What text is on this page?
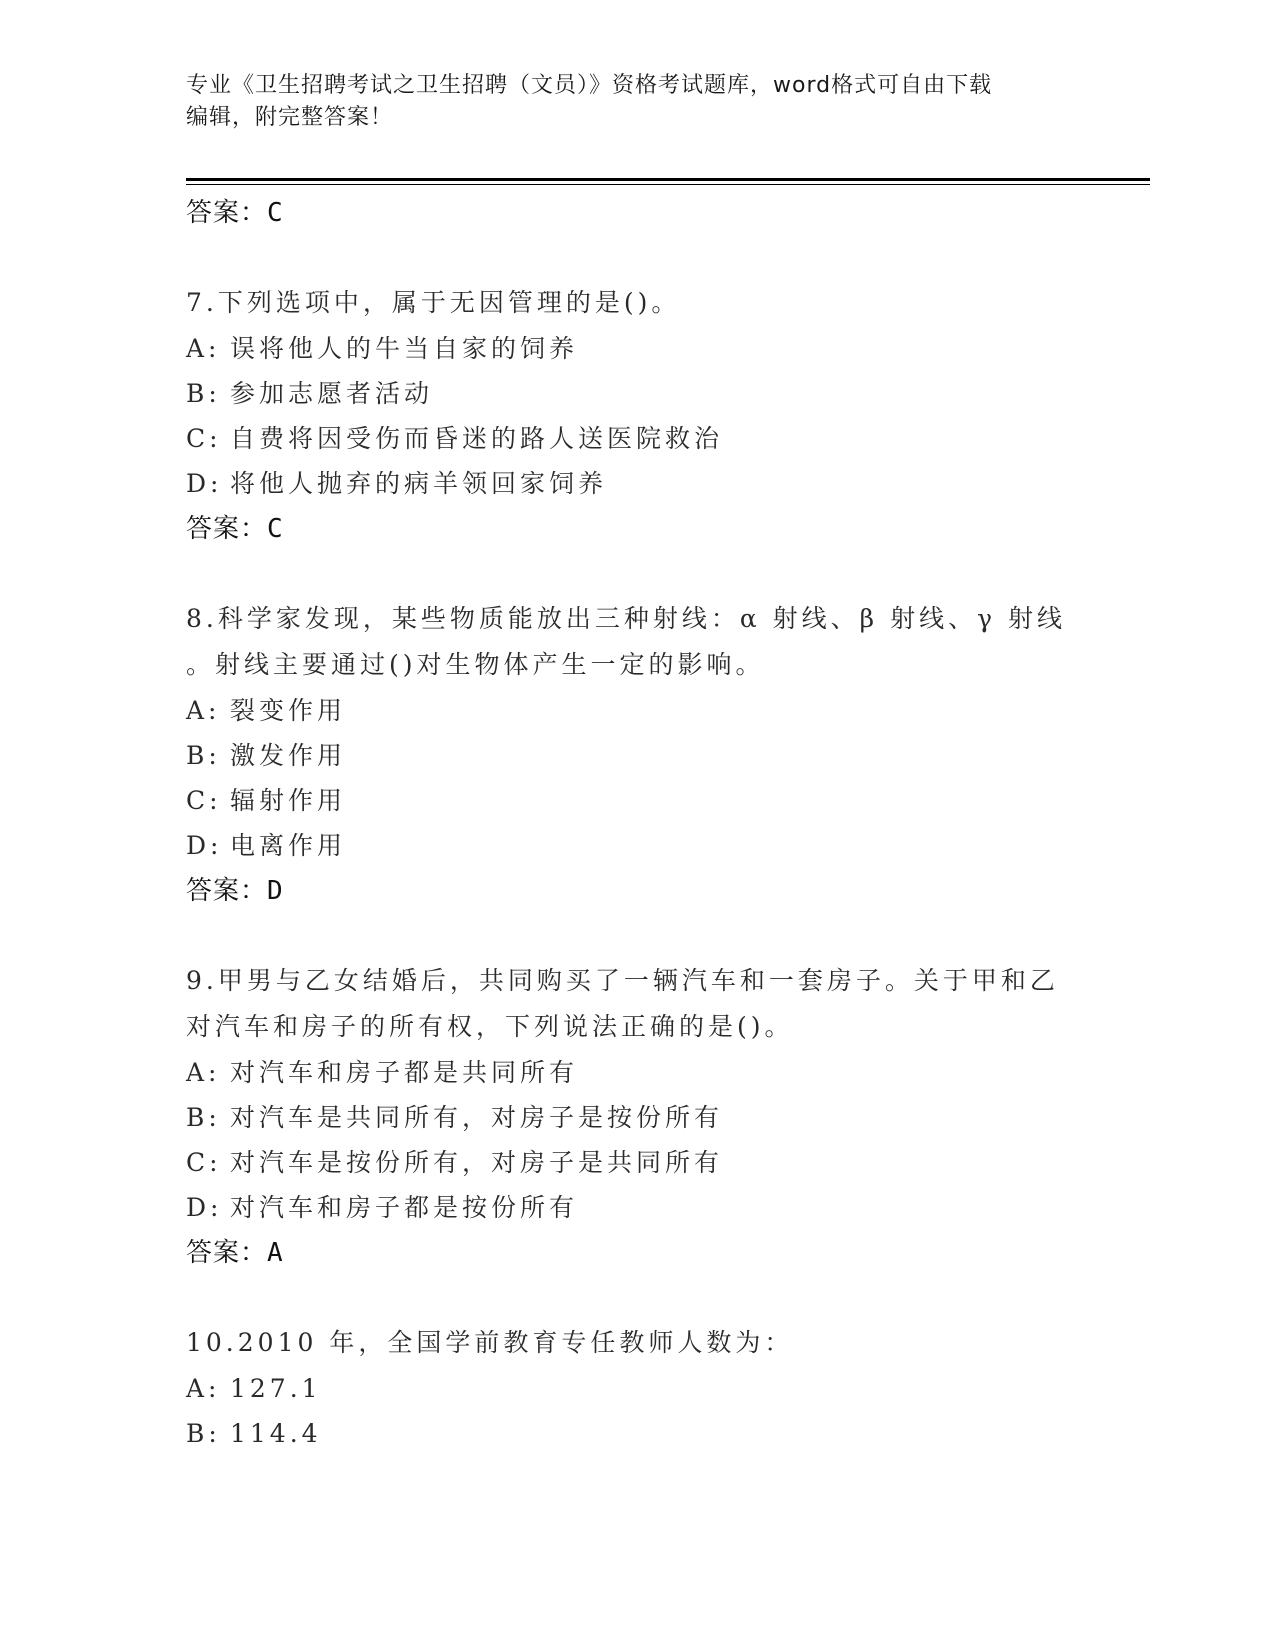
专业《卫生招聘考试之卫生招聘（文员）》资格考试题库，word格式可自由下载
编辑，附完整答案！
答案：C
7.下列选项中，属于无因管理的是()。
A: 误将他人的牛当自家的饲养
B: 参加志愿者活动
C: 自费将因受伤而昏迷的路人送医院救治
D: 将他人抛弃的病羊领回家饲养
答案：C
8.科学家发现，某些物质能放出三种射线：α 射线、β 射线、γ 射线
。射线主要通过()对生物体产生一定的影响。
A: 裂变作用
B: 激发作用
C: 辐射作用
D: 电离作用
答案：D
9.甲男与乙女结婚后，共同购买了一辆汽车和一套房子。关于甲和乙
对汽车和房子的所有权，下列说法正确的是()。
A: 对汽车和房子都是共同所有
B: 对汽车是共同所有，对房子是按份所有
C: 对汽车是按份所有，对房子是共同所有
D: 对汽车和房子都是按份所有
答案：A
10.2010 年，全国学前教育专任教师人数为：
A: 127.1
B: 114.4
